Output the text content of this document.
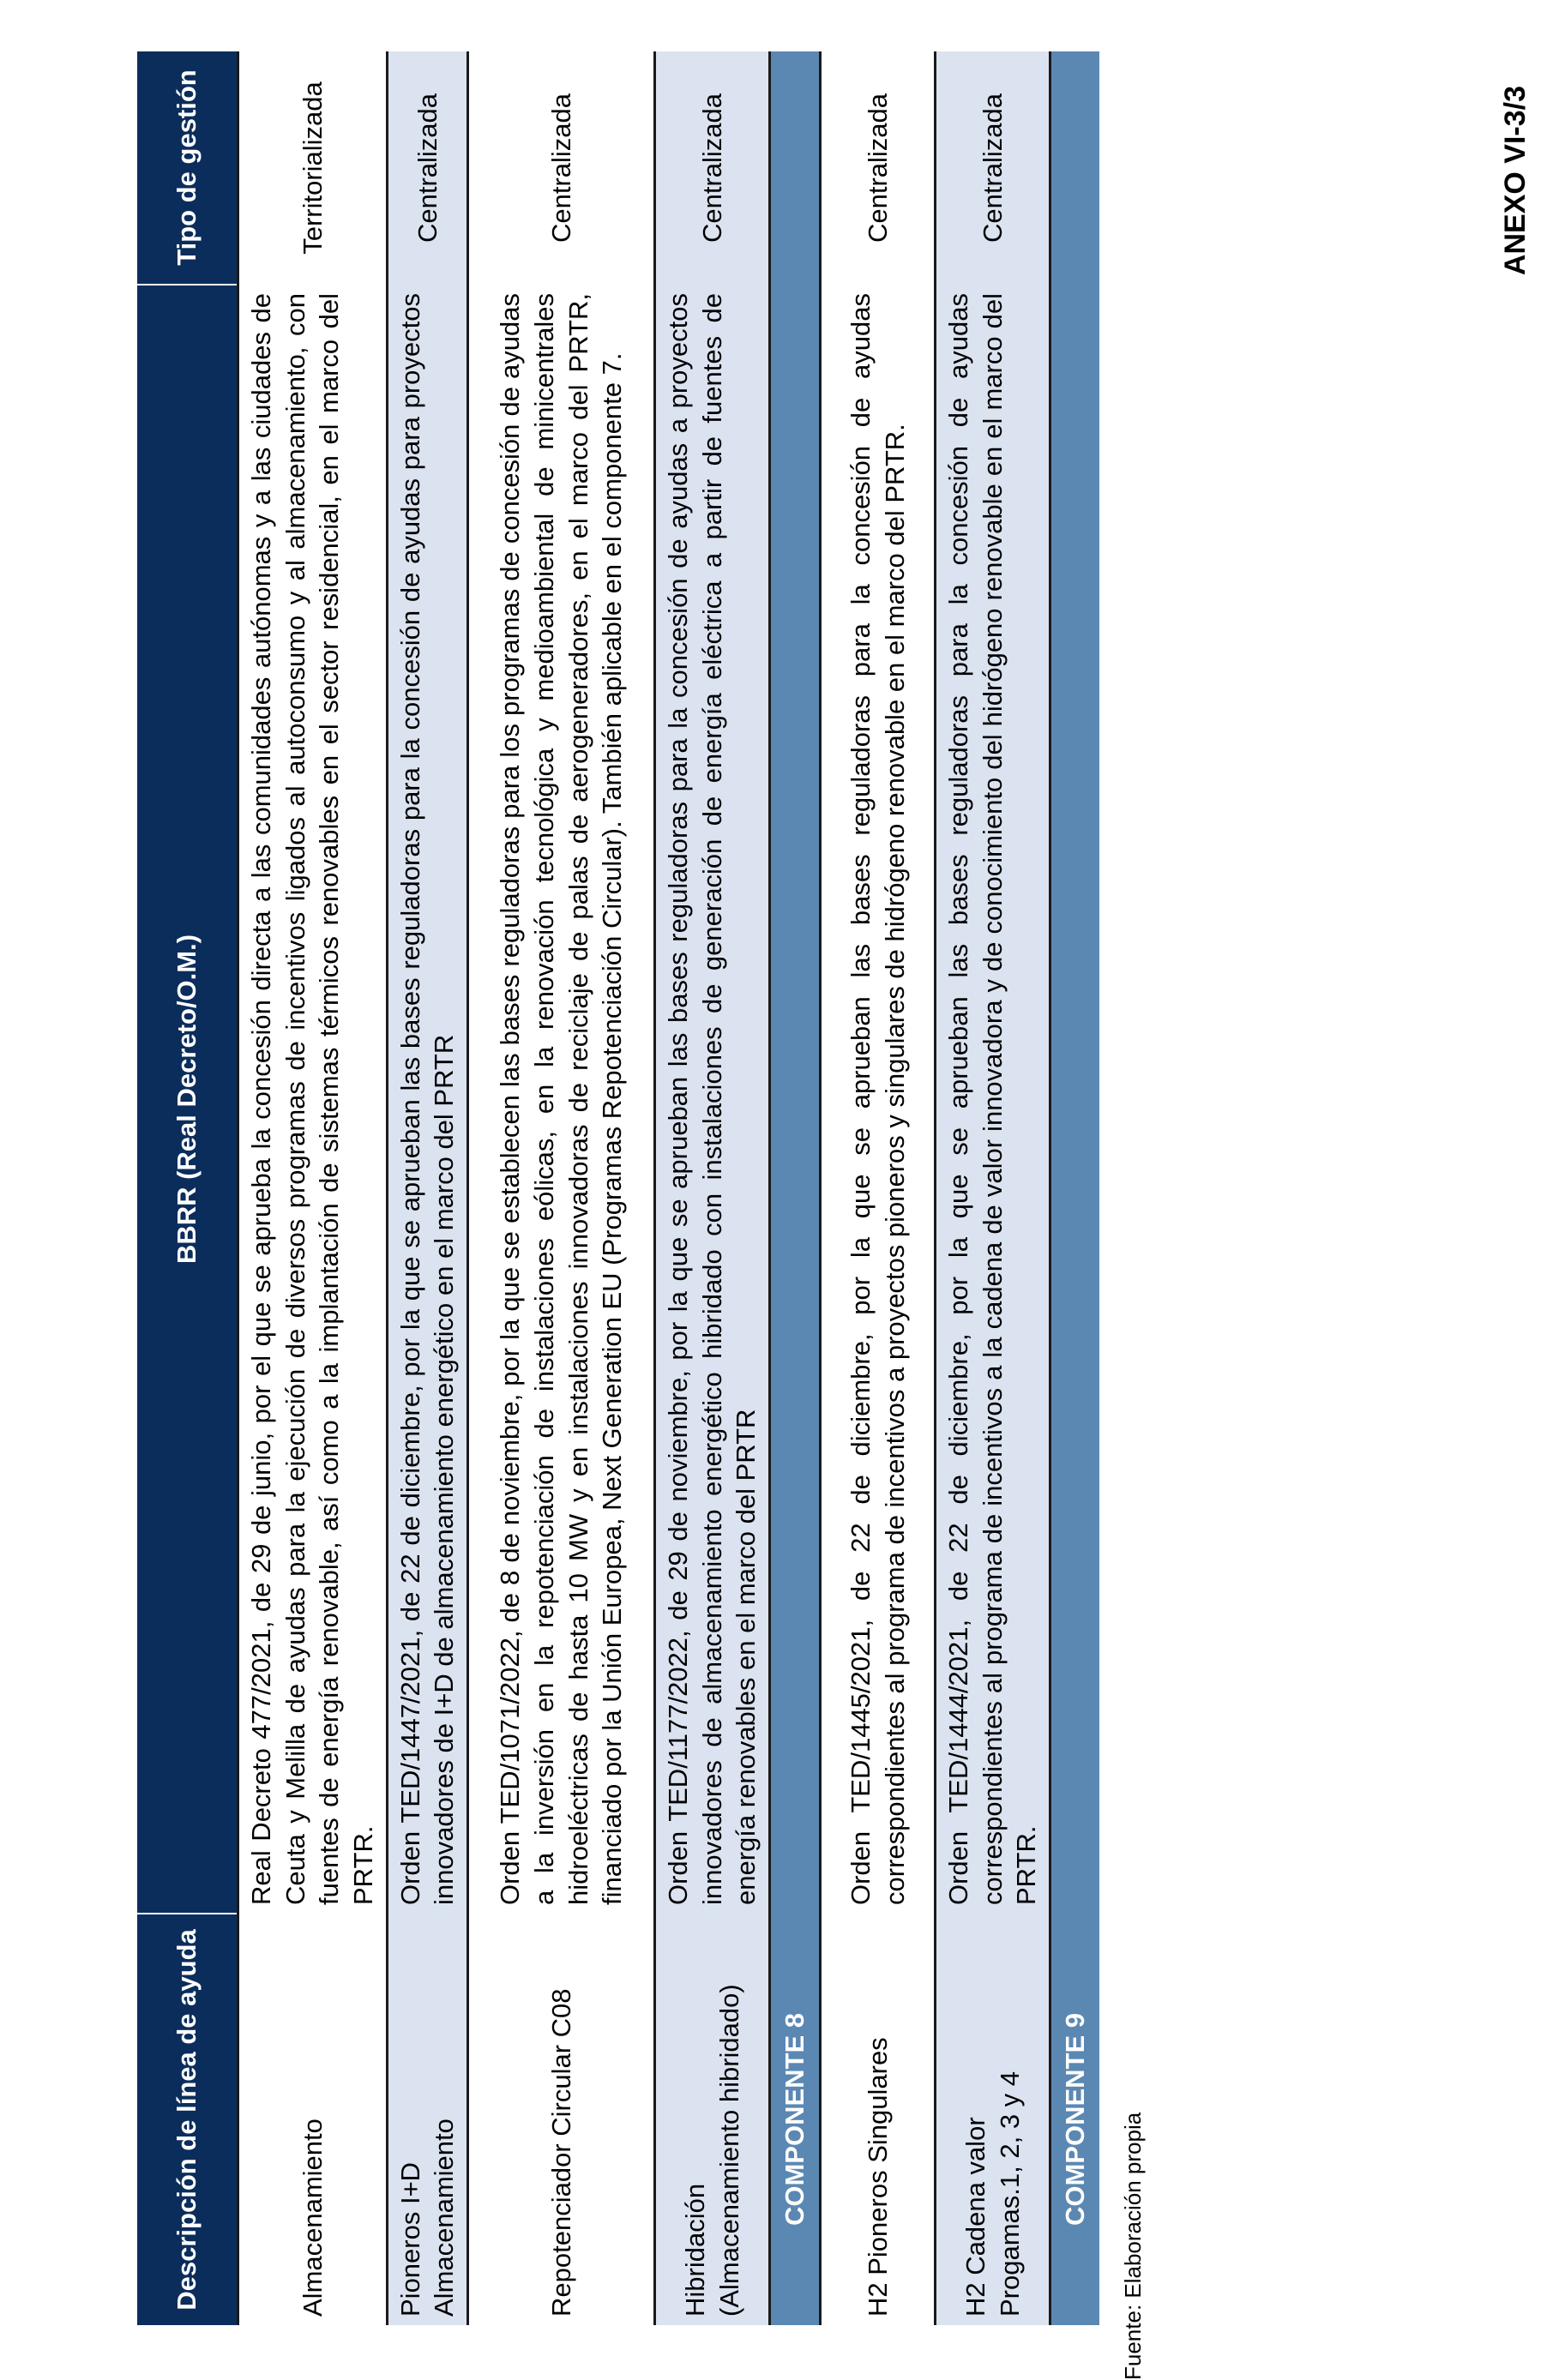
ANEXO VI-3/3
Descripción de línea de ayuda	BBRR (Real Decreto/O.M.)	Tipo de gestión
Almacenamiento	Real Decreto 477/2021, de 29 de junio, por el que se aprueba la concesión directa a las comunidades autónomas y a las ciudades de Ceuta y Melilla de ayudas para la ejecución de diversos programas de incentivos ligados al autoconsumo y al almacenamiento, con fuentes de energía renovable, así como a la implantación de sistemas térmicos renovables en el sector residencial, en el marco del PRTR.	Territorializada

Pioneros I+D Almacenamiento	Orden TED/1447/2021, de 22 de diciembre, por la que se aprueban las bases reguladoras para la concesión de ayudas para proyectos innovadores de I+D de almacenamiento energético en el marco del PRTR	Centralizada
Repotenciador Circular C08	Orden TED/1071/2022, de 8 de noviembre, por la que se establecen las bases reguladoras para los programas de concesión de ayudas a la inversión en la repotenciación de instalaciones eólicas, en la renovación tecnológica y medioambiental de minicentrales hidroeléctricas de hasta 10 MW y en instalaciones innovadoras de reciclaje de palas de aerogeneradores, en el marco del PRTR, financiado por la Unión Europea, Next Generation EU (Programas Repotenciación Circular). También aplicable en el componente 7.	Centralizada

Hibridación (Almacenamiento hibridado)	Orden TED/1177/2022, de 29 de noviembre, por la que se aprueban las bases reguladoras para la concesión de ayudas a proyectos innovadores de almacenamiento energético hibridado con instalaciones de generación de energía eléctrica a partir de fuentes de energía renovables en el marco del PRTR	Centralizada
COMPONENTE 8		
H2 Pioneros Singulares	Orden TED/1445/2021, de 22 de diciembre, por la que se aprueban las bases reguladoras para la concesión de ayudas correspondientes al programa de incentivos a proyectos pioneros y singulares de hidrógeno renovable en el marco del PRTR.	Centralizada

H2 Cadena valor Progamas.1, 2, 3 y 4	Orden TED/1444/2021, de 22 de diciembre, por la que se aprueban las bases reguladoras para la concesión de ayudas correspondientes al programa de incentivos a la cadena de valor innovadora y de conocimiento del hidrógeno renovable en el marco del PRTR.	Centralizada
COMPONENTE 9		Fuente: Elaboración propia
